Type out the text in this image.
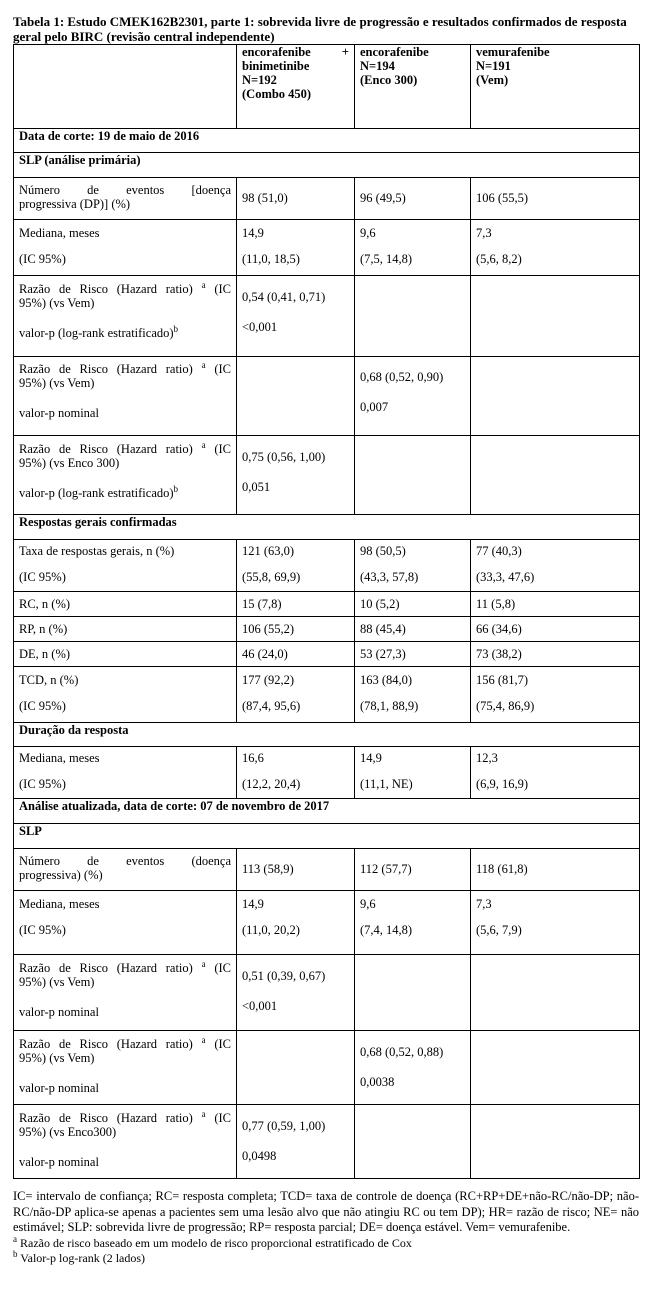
Tabela 1: Estudo CMEK162B2301, parte 1: sobrevida livre de progressão e resultados confirmados de resposta geral pelo BIRC (revisão central independente)

	encorafenibe +
binimetinibe
N=192
(Combo 450)	encorafenibe
N=194
(Enco 300)	vemurafenibe
N=191
(Vem)

Data de corte: 19 de maio de 2016			
SLP (análise primária)			

Número de eventos [doença
progressiva (DP)] (%)	98 (51,0)	96 (49,5)	106 (55,5)

Mediana, meses
(IC 95%)	14,9
(11,0, 18,5)	9,6
(7,5, 14,8)	7,3
(5,6, 8,2)

Razão de Risco (Hazard ratio) $^a$ (IC
95%) (vs Vem)
valor-p (log-rank estratificado)$^b$	0,54 (0,41, 0,71)
<0,001		

Razão de Risco (Hazard ratio) $^a$ (IC
95%) (vs Vem)
valor-p nominal		0,68 (0,52, 0,90)
0,007	

Razão de Risco (Hazard ratio) $^a$ (IC
95%) (vs Enco 300)
valor-p (log-rank estratificado)$^b$	0,75 (0,56, 1,00)
0,051		

Respostas gerais confirmadas			

Taxa de respostas gerais, n (%)
(IC 95%)	121 (63,0)
(55,8, 69,9)	98 (50,5)
(43,3, 57,8)	77 (40,3)
(33,3, 47,6)

RC, n (%)	15 (7,8)	10 (5,2)	11 (5,8)
RP, n (%)	106 (55,2)	88 (45,4)	66 (34,6)
DE, n (%)	46 (24,0)	53 (27,3)	73 (38,2)

TCD, n (%)
(IC 95%)	177 (92,2)
(87,4, 95,6)	163 (84,0)
(78,1, 88,9)	156 (81,7)
(75,4, 86,9)

Duração da resposta			

Mediana, meses
(IC 95%)	16,6
(12,2, 20,4)	14,9
(11,1, NE)	12,3
(6,9, 16,9)

Análise atualizada, data de corte: 07 de novembro de 2017			
SLP			

Número de eventos (doença
progressiva) (%)	113 (58,9)	112 (57,7)	118 (61,8)

Mediana, meses
(IC 95%)	14,9
(11,0, 20,2)	9,6
(7,4, 14,8)	7,3
(5,6, 7,9)

Razão de Risco (Hazard ratio) $^a$ (IC
95%) (vs Vem)
valor-p nominal	0,51 (0,39, 0,67)
<0,001		

Razão de Risco (Hazard ratio) $^a$ (IC
95%) (vs Vem)
valor-p nominal		0,68 (0,52, 0,88)
0,0038	

Razão de Risco (Hazard ratio) $^a$ (IC
95%) (vs Enco300)
valor-p nominal	0,77 (0,59, 1,00)
0,0498		

IC= intervalo de confiança; RC= resposta completa; TCD= taxa de controle de doença (RC+RP+DE+não-RC/não-DP; não-RC/não-DP aplica-se apenas a pacientes sem uma lesão alvo que não atingiu RC ou tem DP); HR= razão de risco; NE= não estimável; SLP: sobrevida livre de progressão; RP= resposta parcial; DE= doença estável. Vem= vemurafenibe.
$^a$ Razão de risco baseado em um modelo de risco proporcional estratificado de Cox
$^b$ Valor-p log-rank (2 lados)
